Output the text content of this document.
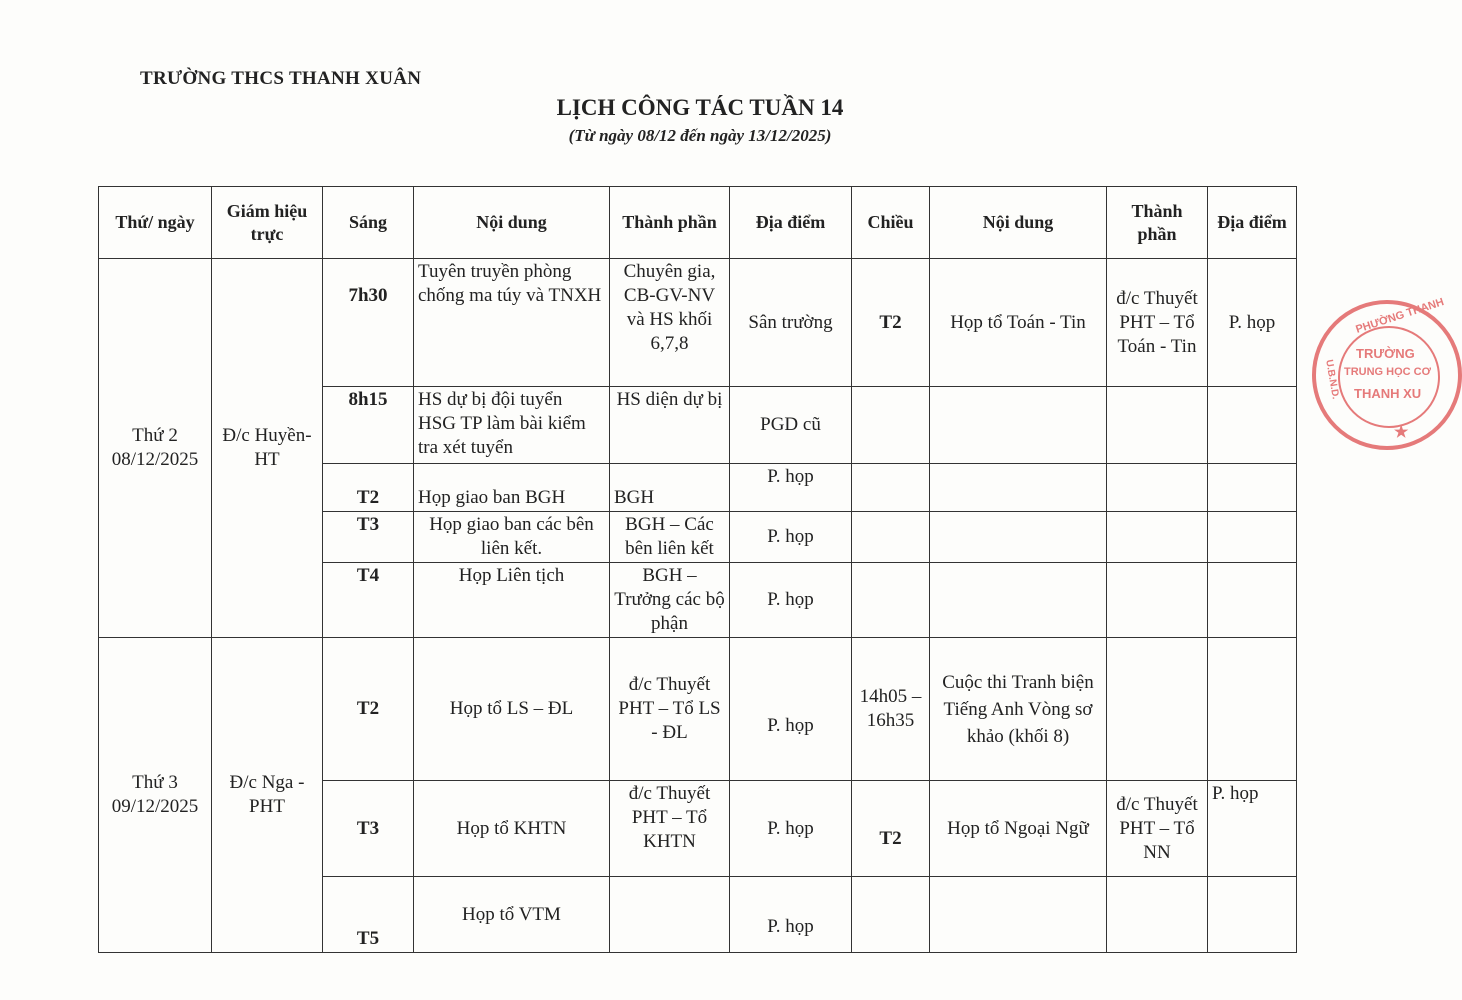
TRƯỜNG THCS THANH XUÂN
LỊCH CÔNG TÁC TUẦN 14
(Từ ngày 08/12 đến ngày 13/12/2025)
Thứ/ ngày	Giám hiệu trực	Sáng	Nội dung	Thành phần	Địa điểm	Chiều	Nội dung	Thành phần	Địa điểm
Thứ 2 08/12/2025	Đ/c Huyền- HT	7h30	Tuyên truyền phòng chống ma túy và TNXH	Chuyên gia, CB-GV-NV và HS khối 6,7,8	Sân trường	T2	Họp tổ Toán - Tin	đ/c Thuyết PHT – Tổ Toán - Tin	P. họp
		8h15	HS dự bị đội tuyển HSG TP làm bài kiểm tra xét tuyển	HS diện dự bị	PGD cũ				
		T2	Họp giao ban BGH	BGH	P. họp				
		T3	Họp giao ban các bên liên kết.	BGH – Các bên liên kết	P. họp				
		T4	Họp Liên tịch	BGH – Trưởng các bộ phận	P. họp				
Thứ 3 09/12/2025	Đ/c Nga - PHT	T2	Họp tổ LS – ĐL	đ/c Thuyết PHT – Tổ LS - ĐL	P. họp	14h05 – 16h35	Cuộc thi Tranh biện Tiếng Anh Vòng sơ khảo (khối 8)		
		T3	Họp tổ KHTN	đ/c Thuyết PHT – Tổ KHTN	P. họp	T2	Họp tổ Ngoại Ngữ	đ/c Thuyết PHT – Tổ NN	P. họp
		T5	Họp tổ VTM		P. họp				
PHƯỜNG THANH
U.B.N.D.
TRƯỜNG
TRUNG HỌC CƠ
THANH XU
★
